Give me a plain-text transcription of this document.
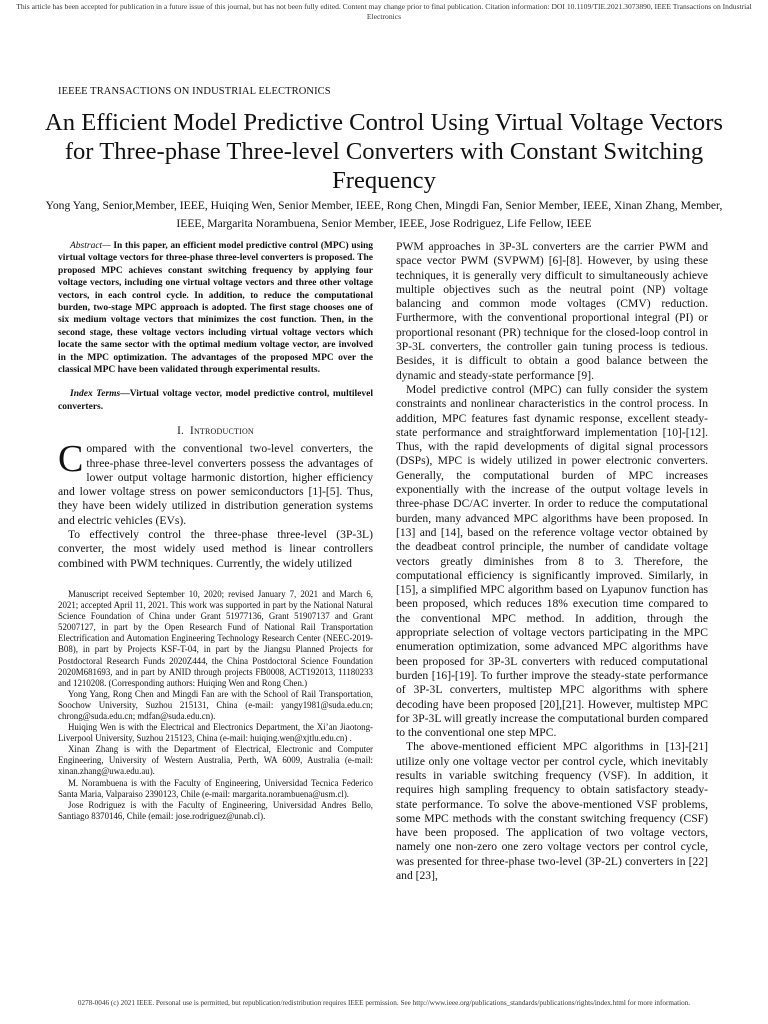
This article has been accepted for publication in a future issue of this journal, but has not been fully edited. Content may change prior to final publication. Citation information: DOI 10.1109/TIE.2021.3073890, IEEE Transactions on Industrial Electronics
IEEEE TRANSACTIONS ON INDUSTRIAL ELECTRONICS
An Efficient Model Predictive Control Using Virtual Voltage Vectors for Three-phase Three-level Converters with Constant Switching Frequency
Yong Yang, Senior,Member, IEEE, Huiqing Wen, Senior Member, IEEE, Rong Chen, Mingdi Fan, Senior Member, IEEE, Xinan Zhang, Member, IEEE, Margarita Norambuena, Senior Member, IEEE, Jose Rodriguez, Life Fellow, IEEE

Abstract— In this paper, an efficient model predictive control (MPC) using virtual voltage vectors for three-phase three-level converters is proposed. The proposed MPC achieves constant switching frequency by applying four voltage vectors, including one virtual voltage vectors and three other voltage vectors, in each control cycle. In addition, to reduce the computational burden, two-stage MPC approach is adopted. The first stage chooses one of six medium voltage vectors that minimizes the cost function. Then, in the second stage, these voltage vectors including virtual voltage vectors which locate the same sector with the optimal medium voltage vector, are involved in the MPC optimization. The advantages of the proposed MPC over the classical MPC have been validated through experimental results.

Index Terms—Virtual voltage vector, model predictive control, multilevel converters.

I. Introduction

Compared with the conventional two-level converters, the three-phase three-level converters possess the advantages of lower output voltage harmonic distortion, higher efficiency and lower voltage stress on power semiconductors [1]-[5]. Thus, they have been widely utilized in distribution generation systems and electric vehicles (EVs).

To effectively control the three-phase three-level (3P-3L) converter, the most widely used method is linear controllers combined with PWM techniques. Currently, the widely utilized

Manuscript received September 10, 2020; revised January 7, 2021 and March 6, 2021; accepted April 11, 2021. This work was supported in part by the National Natural Science Foundation of China under Grant 51977136, Grant 51907137 and Grant 52007127, in part by the Open Research Fund of National Rail Transportation Electrification and Automation Engineering Technology Research Center (NEEC-2019-B08), in part by Projects KSF-T-04, in part by the Jiangsu Planned Projects for Postdoctoral Research Funds 2020Z444, the China Postdoctoral Science Foundation 2020M681693, and in part by ANID through projects FB0008, ACT192013, 11180233 and 1210208. (Corresponding authors: Huiqing Wen and Rong Chen.)

Yong Yang, Rong Chen and Mingdi Fan are with the School of Rail Transportation, Soochow University, Suzhou 215131, China (e-mail: yangy1981@suda.edu.cn; chrong@suda.edu.cn; mdfan@suda.edu.cn).

Huiqing Wen is with the Electrical and Electronics Department, the Xi’an Jiaotong-Liverpool University, Suzhou 215123, China (e-mail: huiqing.wen@xjtlu.edu.cn) .

Xinan Zhang is with the Department of Electrical, Electronic and Computer Engineering, University of Western Australia, Perth, WA 6009, Australia (e-mail: xinan.zhang@uwa.edu.au).

M. Norambuena is with the Faculty of Engineering, Universidad Tecnica Federico Santa Maria, Valparaiso 2390123, Chile (e-mail: margarita.norambuena@usm.cl).

Jose Rodriguez is with the Faculty of Engineering, Universidad Andres Bello, Santiago 8370146, Chile (email: jose.rodriguez@unab.cl).

PWM approaches in 3P-3L converters are the carrier PWM and space vector PWM (SVPWM) [6]-[8]. However, by using these techniques, it is generally very difficult to simultaneously achieve multiple objectives such as the neutral point (NP) voltage balancing and common mode voltages (CMV) reduction. Furthermore, with the conventional proportional integral (PI) or proportional resonant (PR) technique for the closed-loop control in 3P-3L converters, the controller gain tuning process is tedious. Besides, it is difficult to obtain a good balance between the dynamic and steady-state performance [9].

Model predictive control (MPC) can fully consider the system constraints and nonlinear characteristics in the control process. In addition, MPC features fast dynamic response, excellent steady-state performance and straightforward implementation [10]-[12]. Thus, with the rapid developments of digital signal processors (DSPs), MPC is widely utilized in power electronic converters. Generally, the computational burden of MPC increases exponentially with the increase of the output voltage levels in three-phase DC/AC inverter. In order to reduce the computational burden, many advanced MPC algorithms have been proposed. In [13] and [14], based on the reference voltage vector obtained by the deadbeat control principle, the number of candidate voltage vectors greatly diminishes from 8 to 3. Therefore, the computational efficiency is significantly improved. Similarly, in [15], a simplified MPC algorithm based on Lyapunov function has been proposed, which reduces 18% execution time compared to the conventional MPC method. In addition, through the appropriate selection of voltage vectors participating in the MPC enumeration optimization, some advanced MPC algorithms have been proposed for 3P-3L converters with reduced computational burden [16]-[19]. To further improve the steady-state performance of 3P-3L converters, multistep MPC algorithms with sphere decoding have been proposed [20],[21]. However, multistep MPC for 3P-3L will greatly increase the computational burden compared to the conventional one step MPC.

The above-mentioned efficient MPC algorithms in [13]-[21] utilize only one voltage vector per control cycle, which inevitably results in variable switching frequency (VSF). In addition, it requires high sampling frequency to obtain satisfactory steady-state performance. To solve the above-mentioned VSF problems, some MPC methods with the constant switching frequency (CSF) have been proposed. The application of two voltage vectors, namely one non-zero one zero voltage vectors per control cycle, was presented for three-phase two-level (3P-2L) converters in [22] and [23],

0278-0046 (c) 2021 IEEE. Personal use is permitted, but republication/redistribution requires IEEE permission. See http://www.ieee.org/publications_standards/publications/rights/index.html for more information.
